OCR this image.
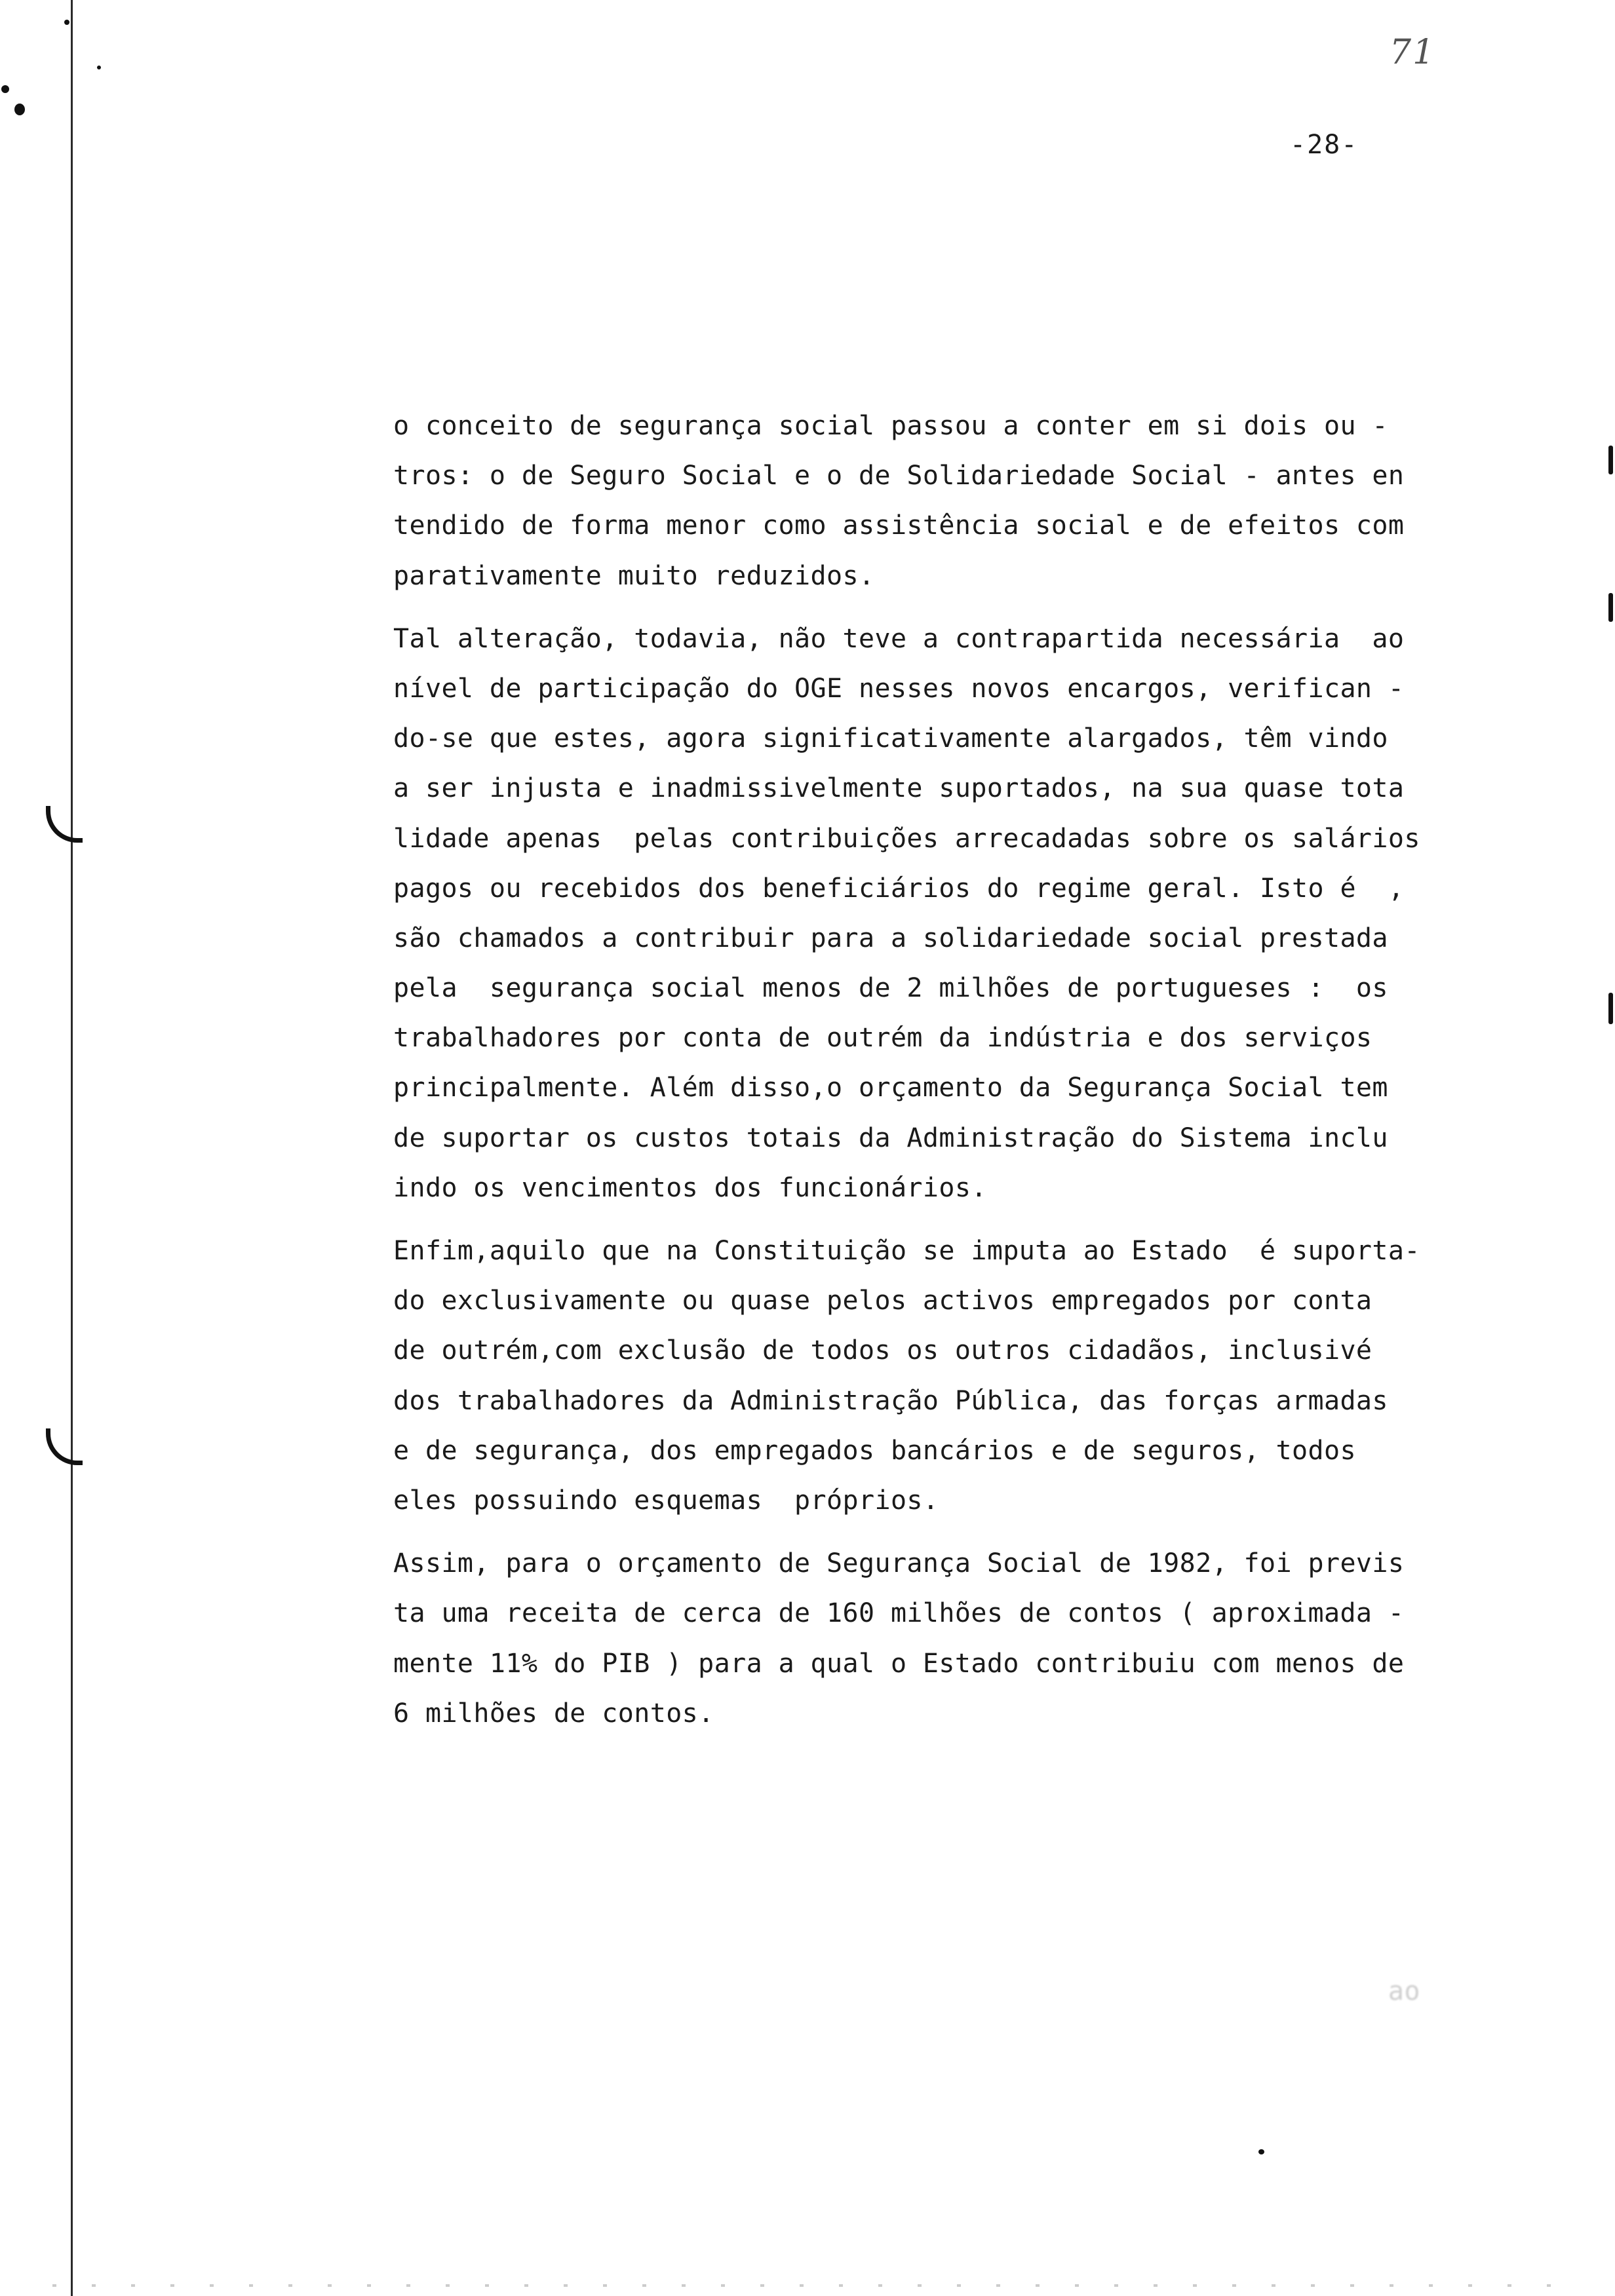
71
-28-
o conceito de segurança social passou a conter em si dois ou -
tros: o de Seguro Social e o de Solidariedade Social - antes en
tendido de forma menor como assistência social e de efeitos com
parativamente muito reduzidos.
Tal alteração, todavia, não teve a contrapartida necessária  ao
nível de participação do OGE nesses novos encargos, verifican -
do-se que estes, agora significativamente alargados, têm vindo
a ser injusta e inadmissivelmente suportados, na sua quase tota
lidade apenas  pelas contribuições arrecadadas sobre os salários
pagos ou recebidos dos beneficiários do regime geral. Isto é  ,
são chamados a contribuir para a solidariedade social prestada
pela  segurança social menos de 2 milhões de portugueses :  os
trabalhadores por conta de outrém da indústria e dos serviços
principalmente. Além disso,o orçamento da Segurança Social tem
de suportar os custos totais da Administração do Sistema inclu
indo os vencimentos dos funcionários.
Enfim,aquilo que na Constituição se imputa ao Estado  é suporta-
do exclusivamente ou quase pelos activos empregados por conta
de outrém,com exclusão de todos os outros cidadãos, inclusivé
dos trabalhadores da Administração Pública, das forças armadas
e de segurança, dos empregados bancários e de seguros, todos
eles possuindo esquemas  próprios.
Assim, para o orçamento de Segurança Social de 1982, foi previs
ta uma receita de cerca de 160 milhões de contos ( aproximada -
mente 11% do PIB ) para a qual o Estado contribuiu com menos de
6 milhões de contos.
ao
